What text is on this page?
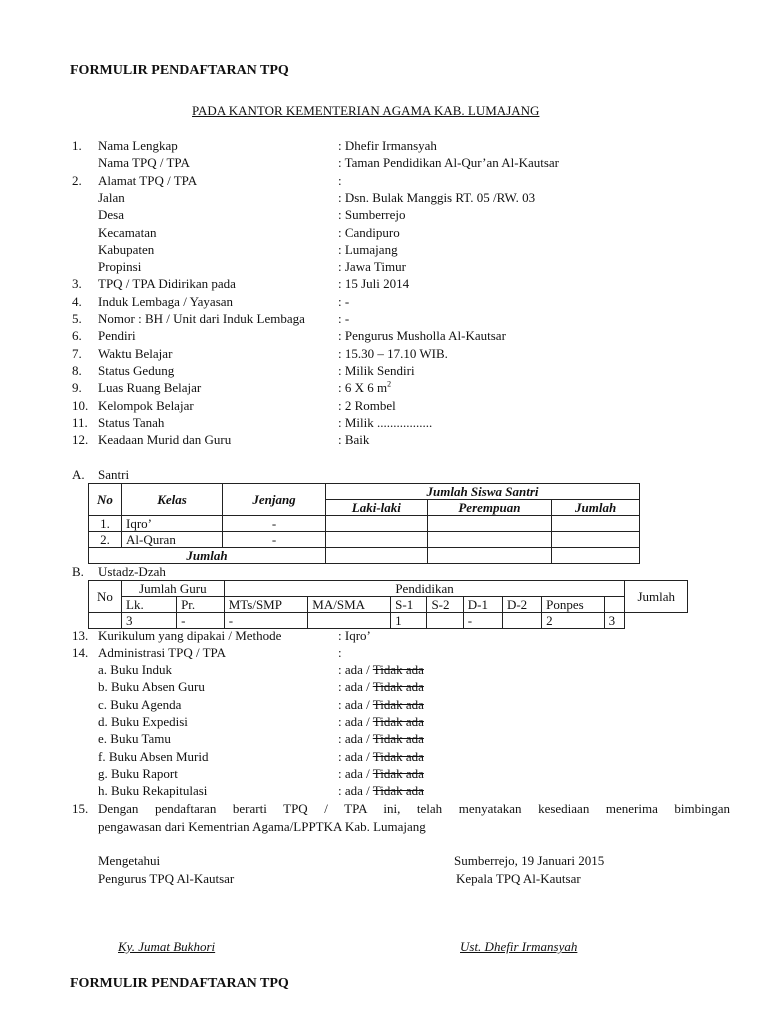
FORMULIR PENDAFTARAN TPQ
PADA KANTOR KEMENTERIAN AGAMA KAB. LUMAJANG
1. Nama Lengkap	: Dhefir Irmansyah
Nama TPQ / TPA	: Taman Pendidikan Al-Qur’an Al-Kautsar
2. Alamat TPQ / TPA	:
Jalan	: Dsn. Bulak Manggis RT. 05 /RW. 03
Desa	: Sumberrejo
Kecamatan	: Candipuro
Kabupaten	: Lumajang
Propinsi	: Jawa Timur
3. TPQ / TPA Didirikan pada	: 15 Juli 2014
4. Induk Lembaga / Yayasan	: -
5. Nomor : BH / Unit dari Induk Lembaga	: -
6. Pendiri	: Pengurus Musholla Al-Kautsar
7. Waktu Belajar	: 15.30 – 17.10 WIB.
8. Status Gedung	: Milik Sendiri
9. Luas Ruang Belajar	: 6 X 6 $m^2$
10. Kelompok Belajar	: 2 Rombel
11. Status Tanah	: Milik .................
12. Keadaan Murid dan Guru	: Baik
A. Santri
No	Kelas	Jenjang	Jumlah Siswa Santri		
			Laki-laki	Perempuan	Jumlah
1.	Iqro’	-			
2.	Al-Quran	-			
Jumlah					
B. Ustadz-Dzah
No	Jumlah Guru		Pendidikan								Jumlah
	Lk.	Pr.	MTs/SMP	MA/SMA	S-1	S-2	D-1	D-2	Ponpes		
	3	-	-		1		-		2	3	
13. Kurikulum yang dipakai / Methode	: Iqro’
14. Administrasi TPQ / TPA	:
a. Buku Induk	: ada / Tidak ada
b. Buku Absen Guru	: ada / Tidak ada
c. Buku Agenda	: ada / Tidak ada
d. Buku Expedisi	: ada / Tidak ada
e. Buku Tamu	: ada / Tidak ada
f. Buku Absen Murid	: ada / Tidak ada
g. Buku Raport	: ada / Tidak ada
h. Buku Rekapitulasi	: ada / Tidak ada
15. Dengan pendaftaran berarti TPQ / TPA ini, telah menyatakan kesediaan menerima bimbingan
pengawasan dari Kementrian Agama/LPPTKA Kab. Lumajang
Mengetahui
Pengurus TPQ Al-Kautsar
Sumberrejo, 19 Januari 2015
Kepala TPQ Al-Kautsar
Ky. Jumat Bukhori	Ust. Dhefir Irmansyah
FORMULIR PENDAFTARAN TPQ
